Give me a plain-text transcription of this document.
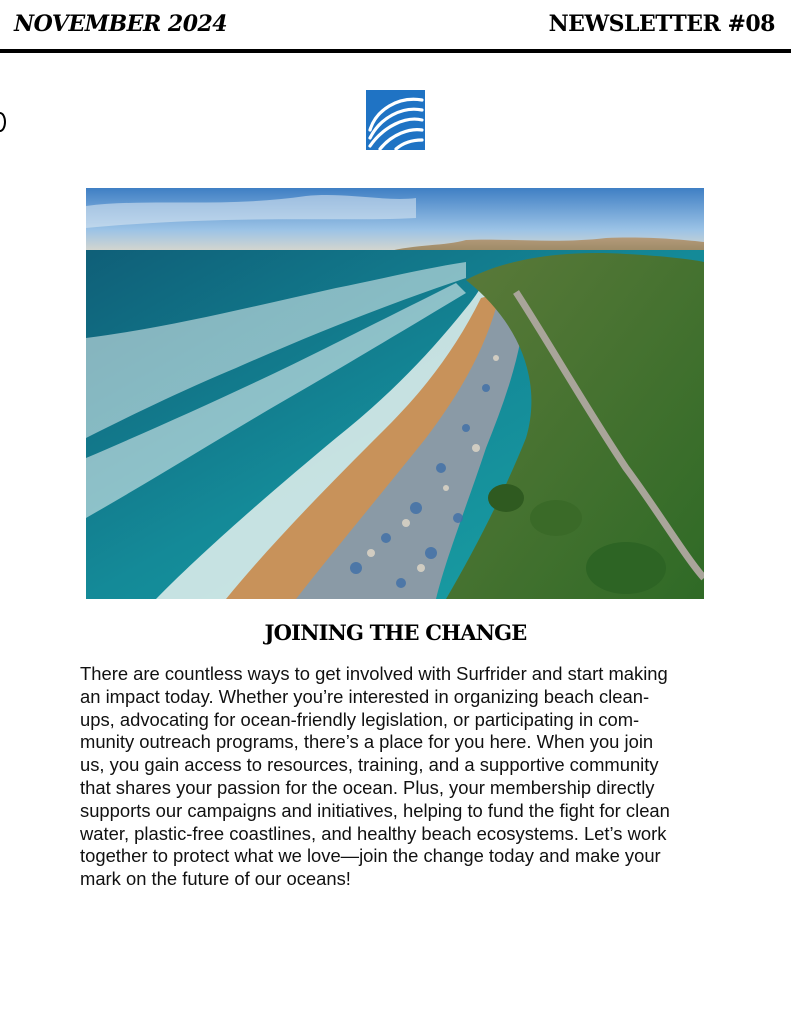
NOVEMBER 2024	NEWSLETTER #08
JOINING THE CHANGE
There are countless ways to get involved with Surfrider and start making
an impact today. Whether you’re interested in organizing beach clean-
ups, advocating for ocean-friendly legislation, or participating in com-
munity outreach programs, there’s a place for you here. When you join
us, you gain access to resources, training, and a supportive community
that shares your passion for the ocean. Plus, your membership directly
supports our campaigns and initiatives, helping to fund the fight for clean
water, plastic-free coastlines, and healthy beach ecosystems. Let’s work
together to protect what we love—join the change today and make your
mark on the future of our oceans!
